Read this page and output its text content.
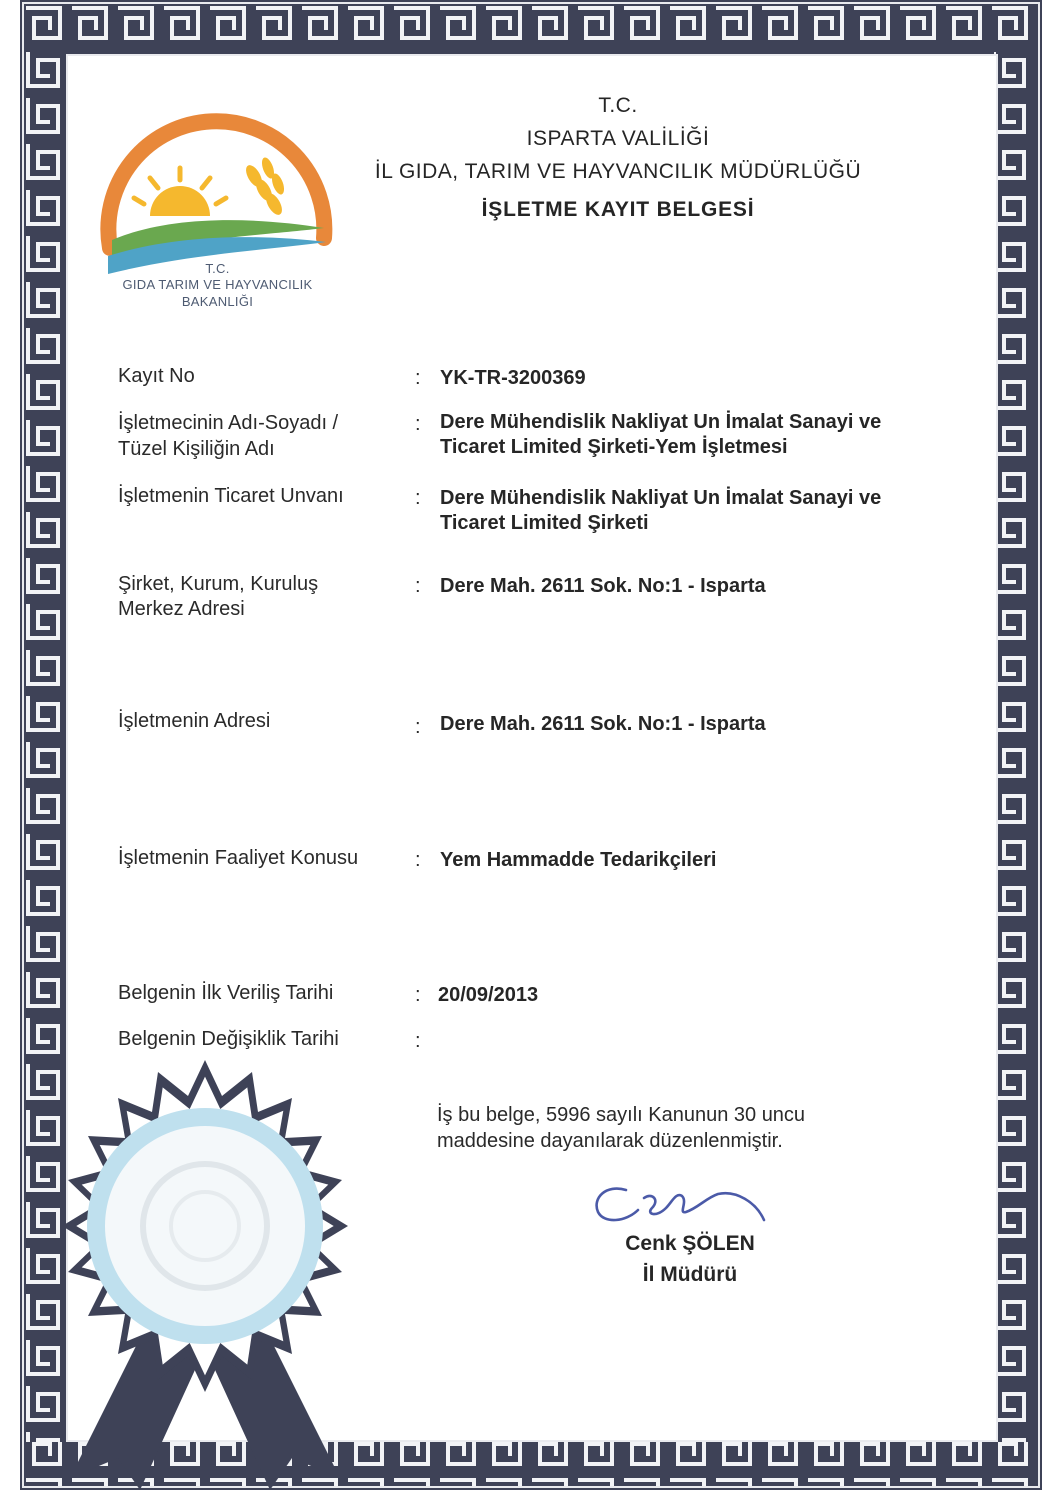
T.C.
GIDA TARIM VE HAYVANCILIK
BAKANLIĞI
T.C.
ISPARTA VALİLİĞİ
İL GIDA, TARIM VE HAYVANCILIK MÜDÜRLÜĞÜ
İŞLETME KAYIT BELGESİ
Kayıt No	: YK-TR-3200369
İşletmecinin Adı-Soyadı /
Tüzel Kişiliğin Adı
: Dere Mühendislik Nakliyat Un İmalat Sanayi ve
Ticaret Limited Şirketi-Yem İşletmesi
İşletmenin Ticaret Unvanı	: Dere Mühendislik Nakliyat Un İmalat Sanayi ve
Ticaret Limited Şirketi
Şirket, Kurum, Kuruluş
Merkez Adresi
: Dere Mah. 2611 Sok. No:1 - Isparta
İşletmenin Adresi	: Dere Mah. 2611 Sok. No:1 - Isparta
İşletmenin Faaliyet Konusu	: Yem Hammadde Tedarikçileri
Belgenin İlk Veriliş Tarihi	: 20/09/2013
Belgenin Değişiklik Tarihi	:
İş bu belge, 5996 sayılı Kanunun 30 uncu
maddesine dayanılarak düzenlenmiştir.
Cenk ŞÖLEN
İl Müdürü
